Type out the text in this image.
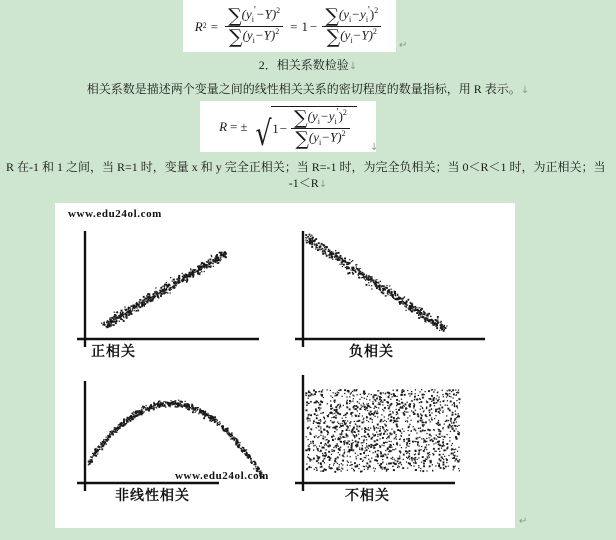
R $2 = \frac{\sum(y_i'-Y)^2}{\sum(y_i-Y)^2} = 1 - \frac{\sum(y_i-y_i')^2}{\sum(y_i-Y)^2}$
↵
2．相关系数检验↓
相关系数是描述两个变量之间的线性相关关系的密切程度的数量指标，用 R 表示。↓
R = ± √ $1 - \frac{\sum(y_i-y_i')^2}{\sum(y_i-Y)^2}$
↓
R 在-1 和 1 之间，当 R=1 时，变量 x 和 y 完全正相关；当 R=-1 时，为完全负相关；当 0＜R＜1 时，为正相关；当
-1＜R↓
www.edu24ol.com
正相关	负相关
非线性相关	不相关
www.edu24ol.com
↵
